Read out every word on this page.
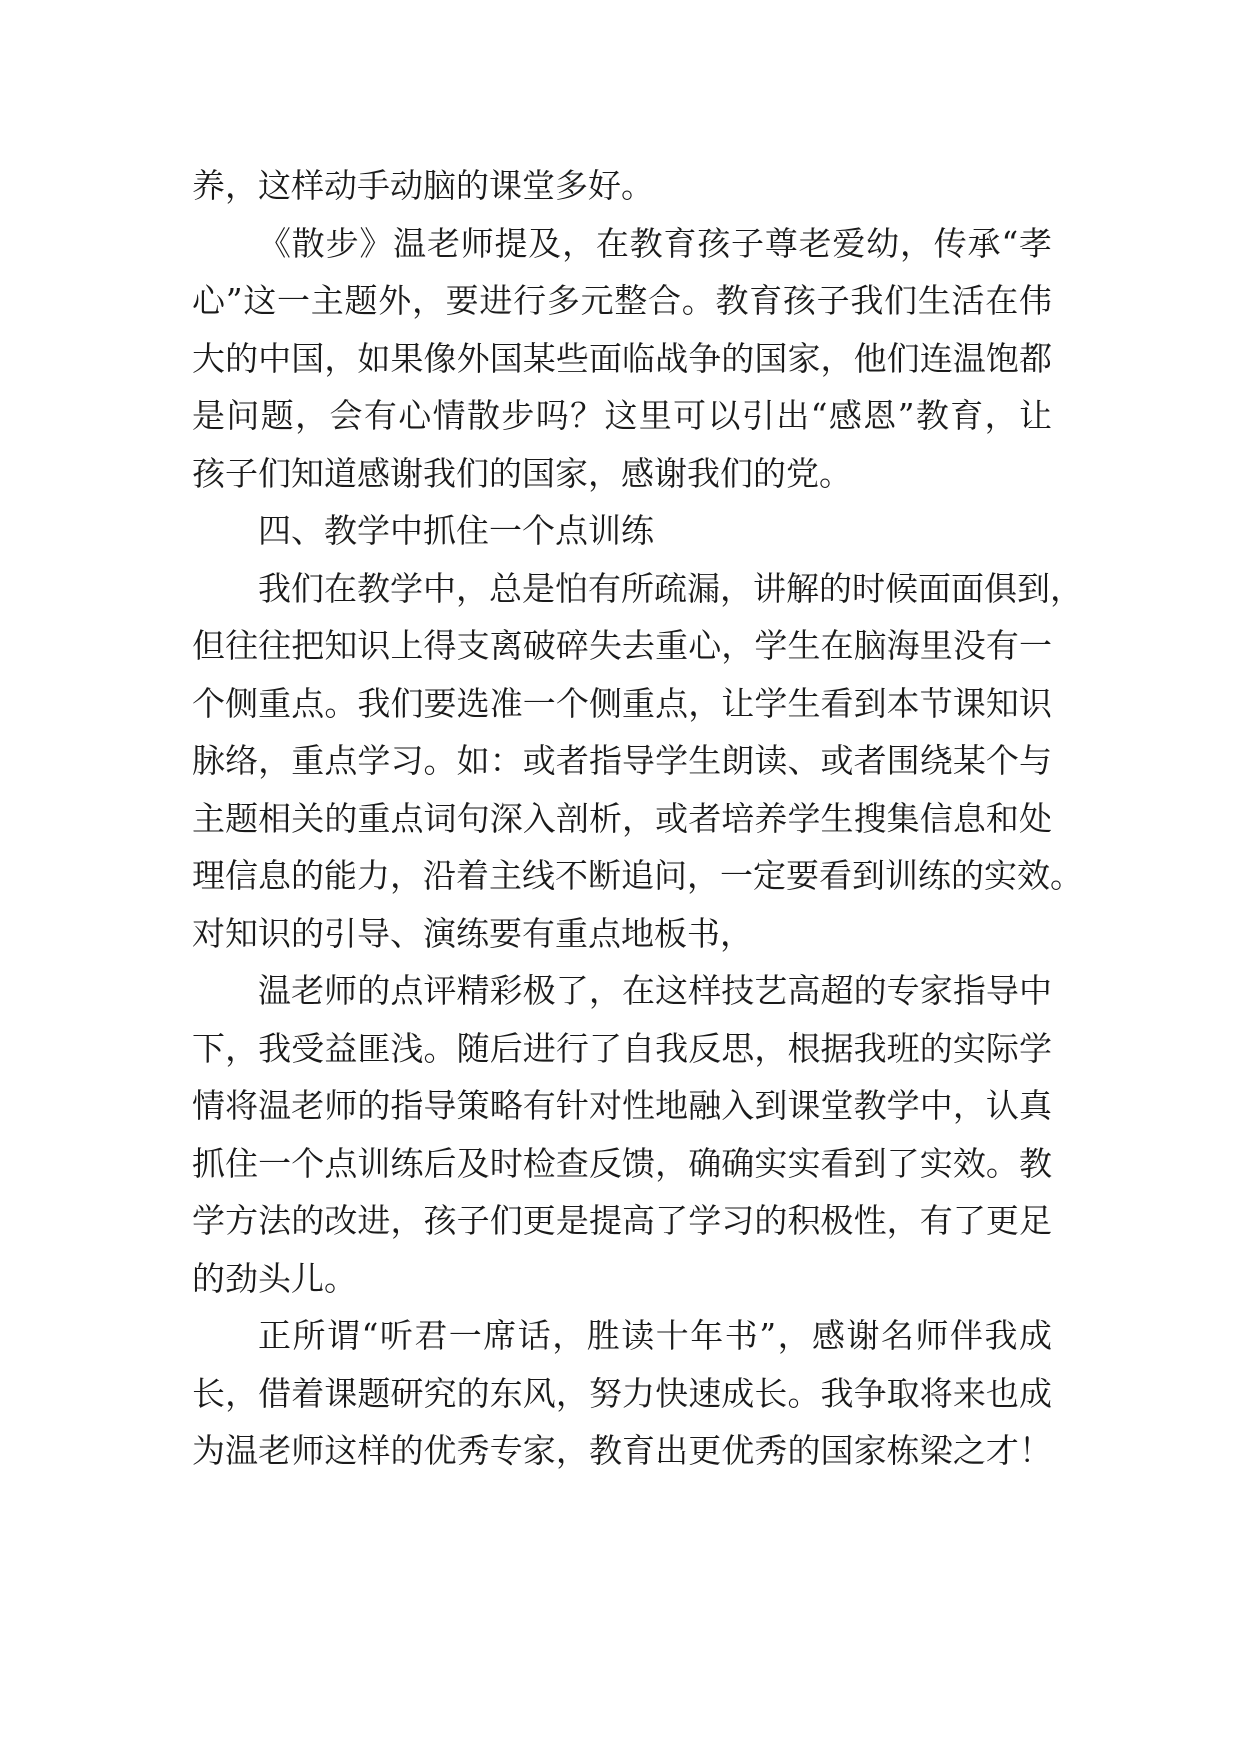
养，这样动手动脑的课堂多好。
《散步》温老师提及，在教育孩子尊老爱幼，传承“孝
心”这一主题外，要进行多元整合。教育孩子我们生活在伟
大的中国，如果像外国某些面临战争的国家，他们连温饱都
是问题，会有心情散步吗？这里可以引出“感恩”教育，让
孩子们知道感谢我们的国家，感谢我们的党。
四、教学中抓住一个点训练
我们在教学中，总是怕有所疏漏，讲解的时候面面俱到，
但往往把知识上得支离破碎失去重心，学生在脑海里没有一
个侧重点。我们要选准一个侧重点，让学生看到本节课知识
脉络，重点学习。如：或者指导学生朗读、或者围绕某个与
主题相关的重点词句深入剖析，或者培养学生搜集信息和处
理信息的能力，沿着主线不断追问，一定要看到训练的实效。
对知识的引导、演练要有重点地板书，
温老师的点评精彩极了，在这样技艺高超的专家指导中
下，我受益匪浅。随后进行了自我反思，根据我班的实际学
情将温老师的指导策略有针对性地融入到课堂教学中，认真
抓住一个点训练后及时检查反馈，确确实实看到了实效。教
学方法的改进，孩子们更是提高了学习的积极性，有了更足
的劲头儿。
正所谓“听君一席话，胜读十年书”，感谢名师伴我成
长，借着课题研究的东风，努力快速成长。我争取将来也成
为温老师这样的优秀专家，教育出更优秀的国家栋梁之才！
